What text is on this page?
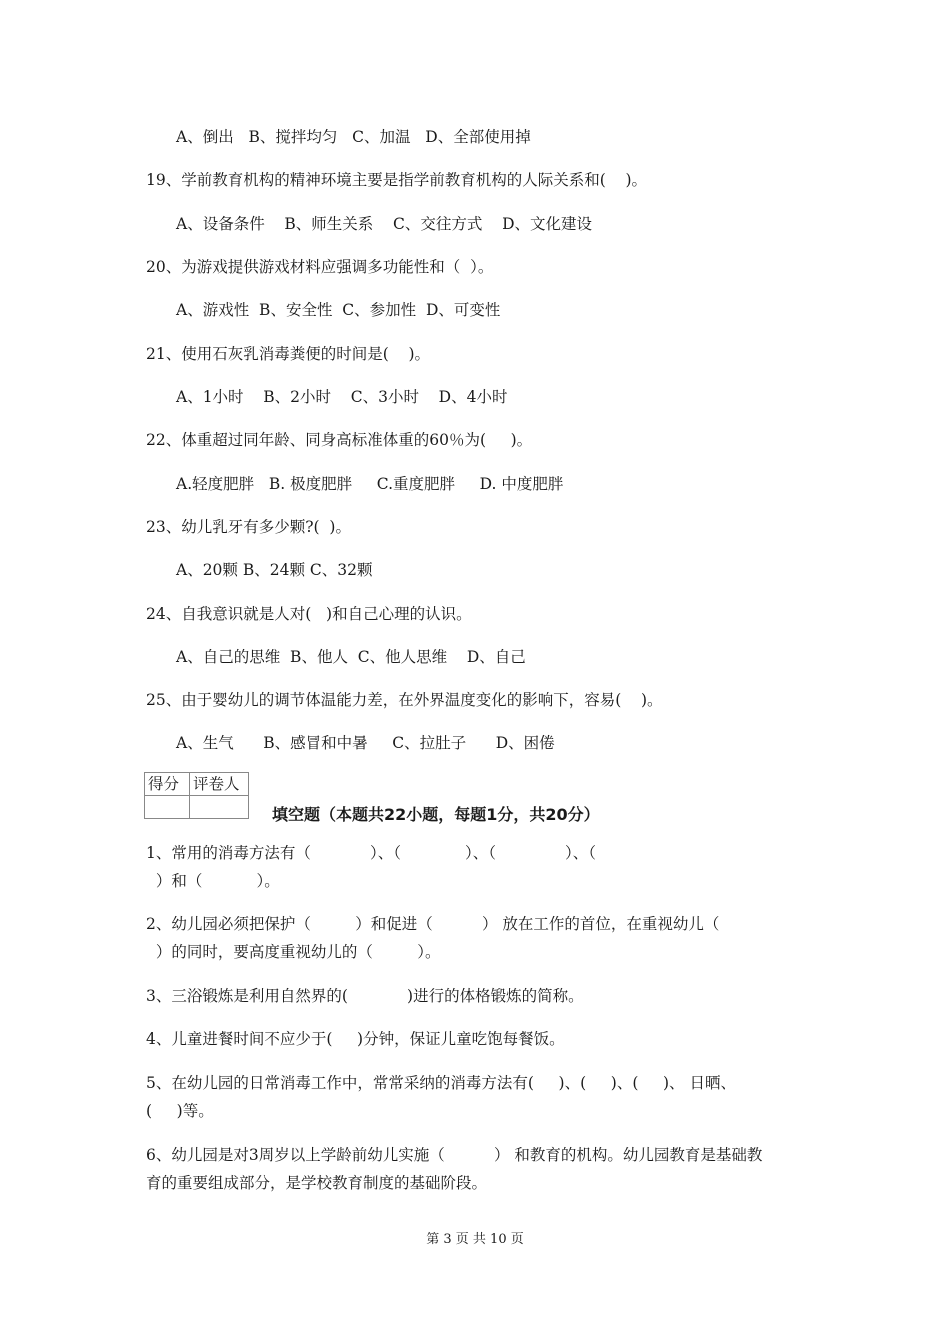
A、倒出   B、搅拌均匀   C、加温   D、全部使用掉
19、学前教育机构的精神环境主要是指学前教育机构的人际关系和(    )。
A、设备条件    B、师生关系    C、交往方式    D、文化建设
20、为游戏提供游戏材料应强调多功能性和（  ）。
A、游戏性  B、安全性  C、参加性  D、可变性
21、使用石灰乳消毒粪便的时间是(    )。
A、1小时    B、2小时    C、3小时    D、4小时
22、体重超过同年龄、同身高标准体重的60％为(     )。
A.轻度肥胖   B. 极度肥胖     C.重度肥胖     D. 中度肥胖
23、幼儿乳牙有多少颗?(  )。
A、20颗 B、24颗 C、32颗
24、自我意识就是人对(   )和自己心理的认识。
A、自己的思维  B、他人  C、他人思维    D、自己
25、由于婴幼儿的调节体温能力差，在外界温度变化的影响下，容易(    )。
A、生气      B、感冒和中暑     C、拉肚子      D、困倦
得分	评卷人

填空题（本题共22小题，每题1分，共20分）
1、常用的消毒方法有（            ）、（             ）、（              ）、（
）和（           ）。
2、幼儿园必须把保护（         ）和促进（          ） 放在工作的首位，在重视幼儿（
）的同时，要高度重视幼儿的（         ）。
3、三浴锻炼是利用自然界的(            )进行的体格锻炼的简称。
4、儿童进餐时间不应少于(     )分钟，保证儿童吃饱每餐饭。
5、在幼儿园的日常消毒工作中，常常采纳的消毒方法有(     )、(     )、(     )、 日晒、
(     )等。
6、幼儿园是对3周岁以上学龄前幼儿实施（          ） 和教育的机构。幼儿园教育是基础教
育的重要组成部分，是学校教育制度的基础阶段。
第 3 页 共 10 页
